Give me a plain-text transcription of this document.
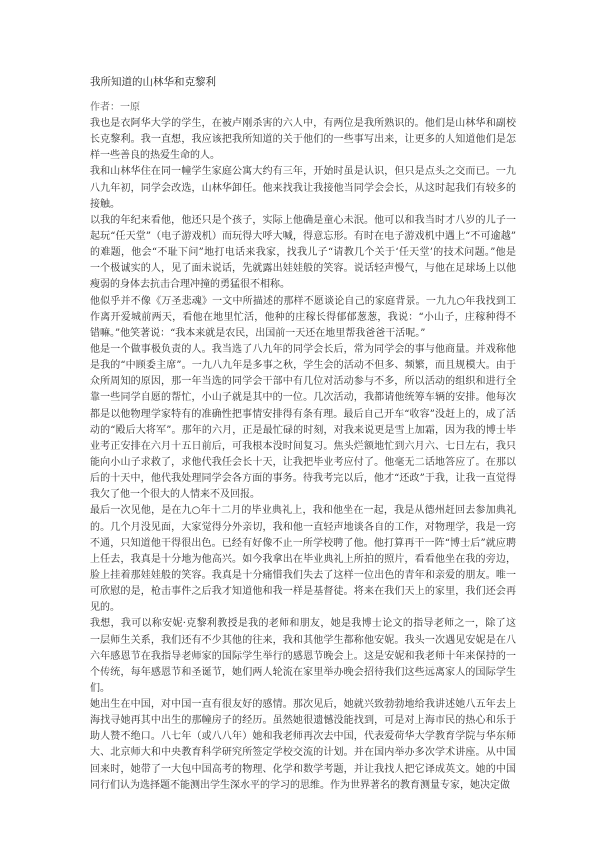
我所知道的山林华和克黎利
作者：一原
我也是衣阿华大学的学生，在被卢刚杀害的六人中，有两位是我所熟识的。他们是山林华和副校
长克黎利。我一直想，我应该把我所知道的关于他们的一些事写出来，让更多的人知道他们是怎
样一些善良的热爱生命的人。
我和山林华住在同一幢学生家庭公寓大约有三年，开始时虽是认识，但只是点头之交而已。一九
八九年初，同学会改选，山林华卸任。他来找我让我接他当同学会会长，从这时起我们有较多的
接触。
以我的年纪来看他，他还只是个孩子，实际上他确是童心未泯。他可以和我当时才八岁的儿子一
起玩“任天堂”（电子游戏机）而玩得大呼大喊，得意忘形。有时在电子游戏机中遇上“不可逾越”
的难题，他会“不耻下问”地打电话来我家，找我儿子“请教几个关于‘任天堂’的技术问题。”他是
一个极诚实的人，见了面未说话，先就露出娃娃般的笑容。说话轻声慢气，与他在足球场上以他
瘦弱的身体去抗击合理冲撞的勇猛很不相称。
他似乎并不像《万圣悲魂》一文中所描述的那样不愿谈论自己的家庭背景。一九九○年我找到工
作离开爱城前两天，看他在地里忙活，他种的庄稼长得郁郁葱葱，我说：“小山子，庄稼种得不
错嘛。”他笑著说：“我本来就是农民，出国前一天还在地里帮我爸爸干活呢。”
他是一个做事极负责的人。我当选了八九年的同学会长后，常为同学会的事与他商量。并戏称他
是我的“中顾委主席”。一九八九年是多事之秋，学生会的活动不但多、频繁，而且规模大。由于
众所周知的原因，那一年当选的同学会干部中有几位对活动参与不多，所以活动的组织和进行全
靠一些同学自愿的帮忙，小山子就是其中的一位。几次活动，我都请他统筹车辆的安排。他每次
都是以他物理学家特有的准确性把事情安排得有条有理。最后自己开车“收容”没赶上的，成了活
动的“殿后大将军”。那年的六月，正是最忙碌的时刻，对我来说更是雪上加霜，因为我的博士毕
业考正安排在六月十五日前后，可我根本没时间复习。焦头烂额地忙到六月六、七日左右，我只
能向小山子求救了，求他代我任会长十天，让我把毕业考应付了。他毫无二话地答应了。在那以
后的十天中，他代我处理同学会各方面的事务。待我考完以后，他才“还政”于我，让我一直觉得
我欠了他一个很大的人情来不及回报。
最后一次见他，是在九○年十二月的毕业典礼上，我和他坐在一起，我是从德州赶回去参加典礼
的。几个月没见面，大家觉得分外亲切，我和他一直轻声地谈各自的工作，对物理学，我是一窍
不通，只知道他干得很出色。已经有好像不止一所学校聘了他。他打算再干一阵“博士后”就应聘
上任去，我真是十分地为他高兴。如今我拿出在毕业典礼上所拍的照片，看看他坐在我的旁边，
脸上挂着那娃娃般的笑容。我真是十分痛惜我们失去了这样一位出色的青年和亲爱的朋友。唯一
可欣慰的是，枪击事件之后我才知道他和我一样是基督徒。将来在我们天上的家里，我们还会再
见的。
我想，我可以称安妮·克黎利教授是我的老师和朋友，她是我博士论文的指导老师之一，除了这
一层师生关系，我们还有不少其他的往来，我和其他学生都称他安妮。我头一次遇见安妮是在八
六年感恩节在我指导老师家的国际学生举行的感恩节晚会上。这是安妮和我老师十年来保持的一
个传统，每年感恩节和圣诞节，她们两人轮流在家里举办晚会招待我们这些远离家人的国际学生
们。
她出生在中国，对中国一直有很友好的感情。那次见后，她就兴致勃勃地给我讲述她八五年去上
海找寻她再其中出生的那幢房子的经历。虽然她很遗憾没能找到，可是对上海市民的热心和乐于
助人赞不绝口。八七年（或八八年）她和我老师再次去中国，代表爱荷华大学教育学院与华东师
大、北京师大和中央教育科学研究所签定学校交流的计划。并在国内举办多次学术讲座。从中国
回来时，她带了一大包中国高考的物理、化学和数学考题，并让我找人把它译成英文。她的中国
同行们认为选择题不能测出学生深水平的学习的思维。作为世界著名的教育测量专家，她决定做
